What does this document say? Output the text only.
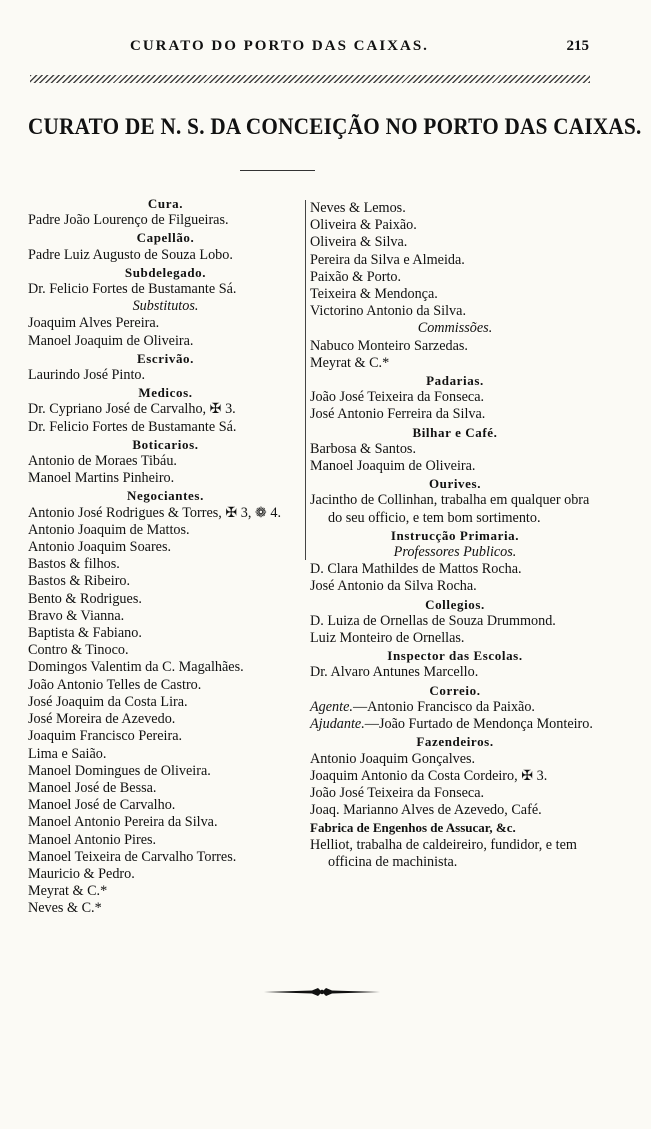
CURATO DO PORTO DAS CAIXAS.	215
CURATO DE N. S. DA CONCEIÇÃO NO PORTO DAS CAIXAS.
Cura.
Padre João Lourenço de Filgueiras.
Capellão.
Padre Luiz Augusto de Souza Lobo.
Subdelegado.
Dr. Felicio Fortes de Bustamante Sá.
Substitutos.
Joaquim Alves Pereira.
Manoel Joaquim de Oliveira.
Escrivão.
Laurindo José Pinto.
Medicos.
Dr. Cypriano José de Carvalho, ✠ 3.
Dr. Felicio Fortes de Bustamante Sá.
Boticarios.
Antonio de Moraes Tibáu.
Manoel Martins Pinheiro.
Negociantes.
Antonio José Rodrigues & Torres, ✠ 3, ❁ 4.
Antonio Joaquim de Mattos.
Antonio Joaquim Soares.
Bastos & filhos.
Bastos & Ribeiro.
Bento & Rodrigues.
Bravo & Vianna.
Baptista & Fabiano.
Contro & Tinoco.
Domingos Valentim da C. Magalhães.
João Antonio Telles de Castro.
José Joaquim da Costa Lira.
José Moreira de Azevedo.
Joaquim Francisco Pereira.
Lima e Saião.
Manoel Domingues de Oliveira.
Manoel José de Bessa.
Manoel José de Carvalho.
Manoel Antonio Pereira da Silva.
Manoel Antonio Pires.
Manoel Teixeira de Carvalho Torres.
Mauricio & Pedro.
Meyrat & C.*
Neves & C.*
Neves & Lemos.
Oliveira & Paixão.
Oliveira & Silva.
Pereira da Silva e Almeida.
Paixão & Porto.
Teixeira & Mendonça.
Victorino Antonio da Silva.
Commissões.
Nabuco Monteiro Sarzedas.
Meyrat & C.*
Padarias.
João José Teixeira da Fonseca.
José Antonio Ferreira da Silva.
Bilhar e Café.
Barbosa & Santos.
Manoel Joaquim de Oliveira.
Ourives.
Jacintho de Collinhan, trabalha em qualquer obra do seu officio, e tem bom sortimento.
Instrucção Primaria.
Professores Publicos.
D. Clara Mathildes de Mattos Rocha.
José Antonio da Silva Rocha.
Collegios.
D. Luiza de Ornellas de Souza Drummond.
Luiz Monteiro de Ornellas.
Inspector das Escolas.
Dr. Alvaro Antunes Marcello.
Correio.
Agente.—Antonio Francisco da Paixão.
Ajudante.—João Furtado de Mendonça Monteiro.
Fazendeiros.
Antonio Joaquim Gonçalves.
Joaquim Antonio da Costa Cordeiro, ✠ 3.
João José Teixeira da Fonseca.
Joaq. Marianno Alves de Azevedo, Café.
Fabrica de Engenhos de Assucar, &c.
Helliot, trabalha de caldeireiro, fundidor, e tem officina de machinista.
